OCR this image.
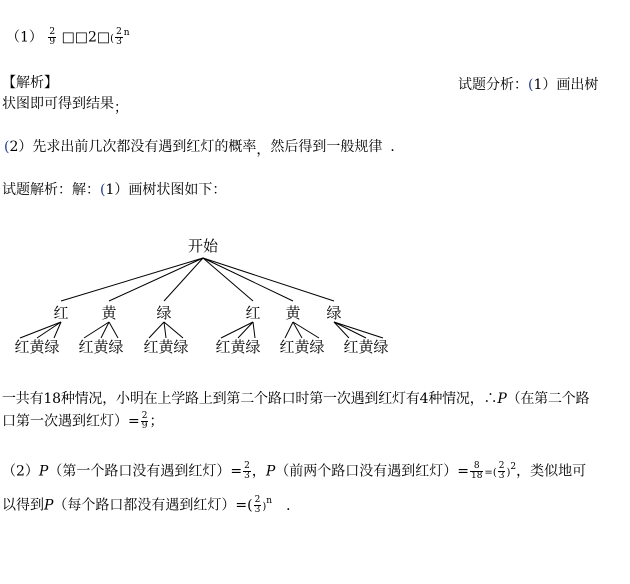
$(1) \frac{2}{9}$ □□2□( $\frac{2}{3} ^n$
【解析】	试题分析：(1）画出树
状图即可得到结果；
(2）先求出前几次都没有遇到红灯的概率，然后得到一般规律 ．
试题解析：解：(1）画树状图如下：
开始
红 黄	绿	红 黄 绿
红黄绿 红黄绿 红黄绿 红黄绿 红黄绿 红黄绿
一共有18种情况，小明在上学路上到第二个路口时第一次遇到红灯有4种情况，∴P（在第二个路
口第一次遇到红灯）= $\frac{2}{9}$ ；
（2）P（第一个路口没有遇到红灯）= $\frac{2}{3}$ ，P（前两个路口没有遇到红灯）= $\frac{8}{18}$ =( $\frac{2}{3} )^2$，类似地可
以得到P（每个路口都没有遇到红灯）=( $\frac{2}{3} )^n$ ．
